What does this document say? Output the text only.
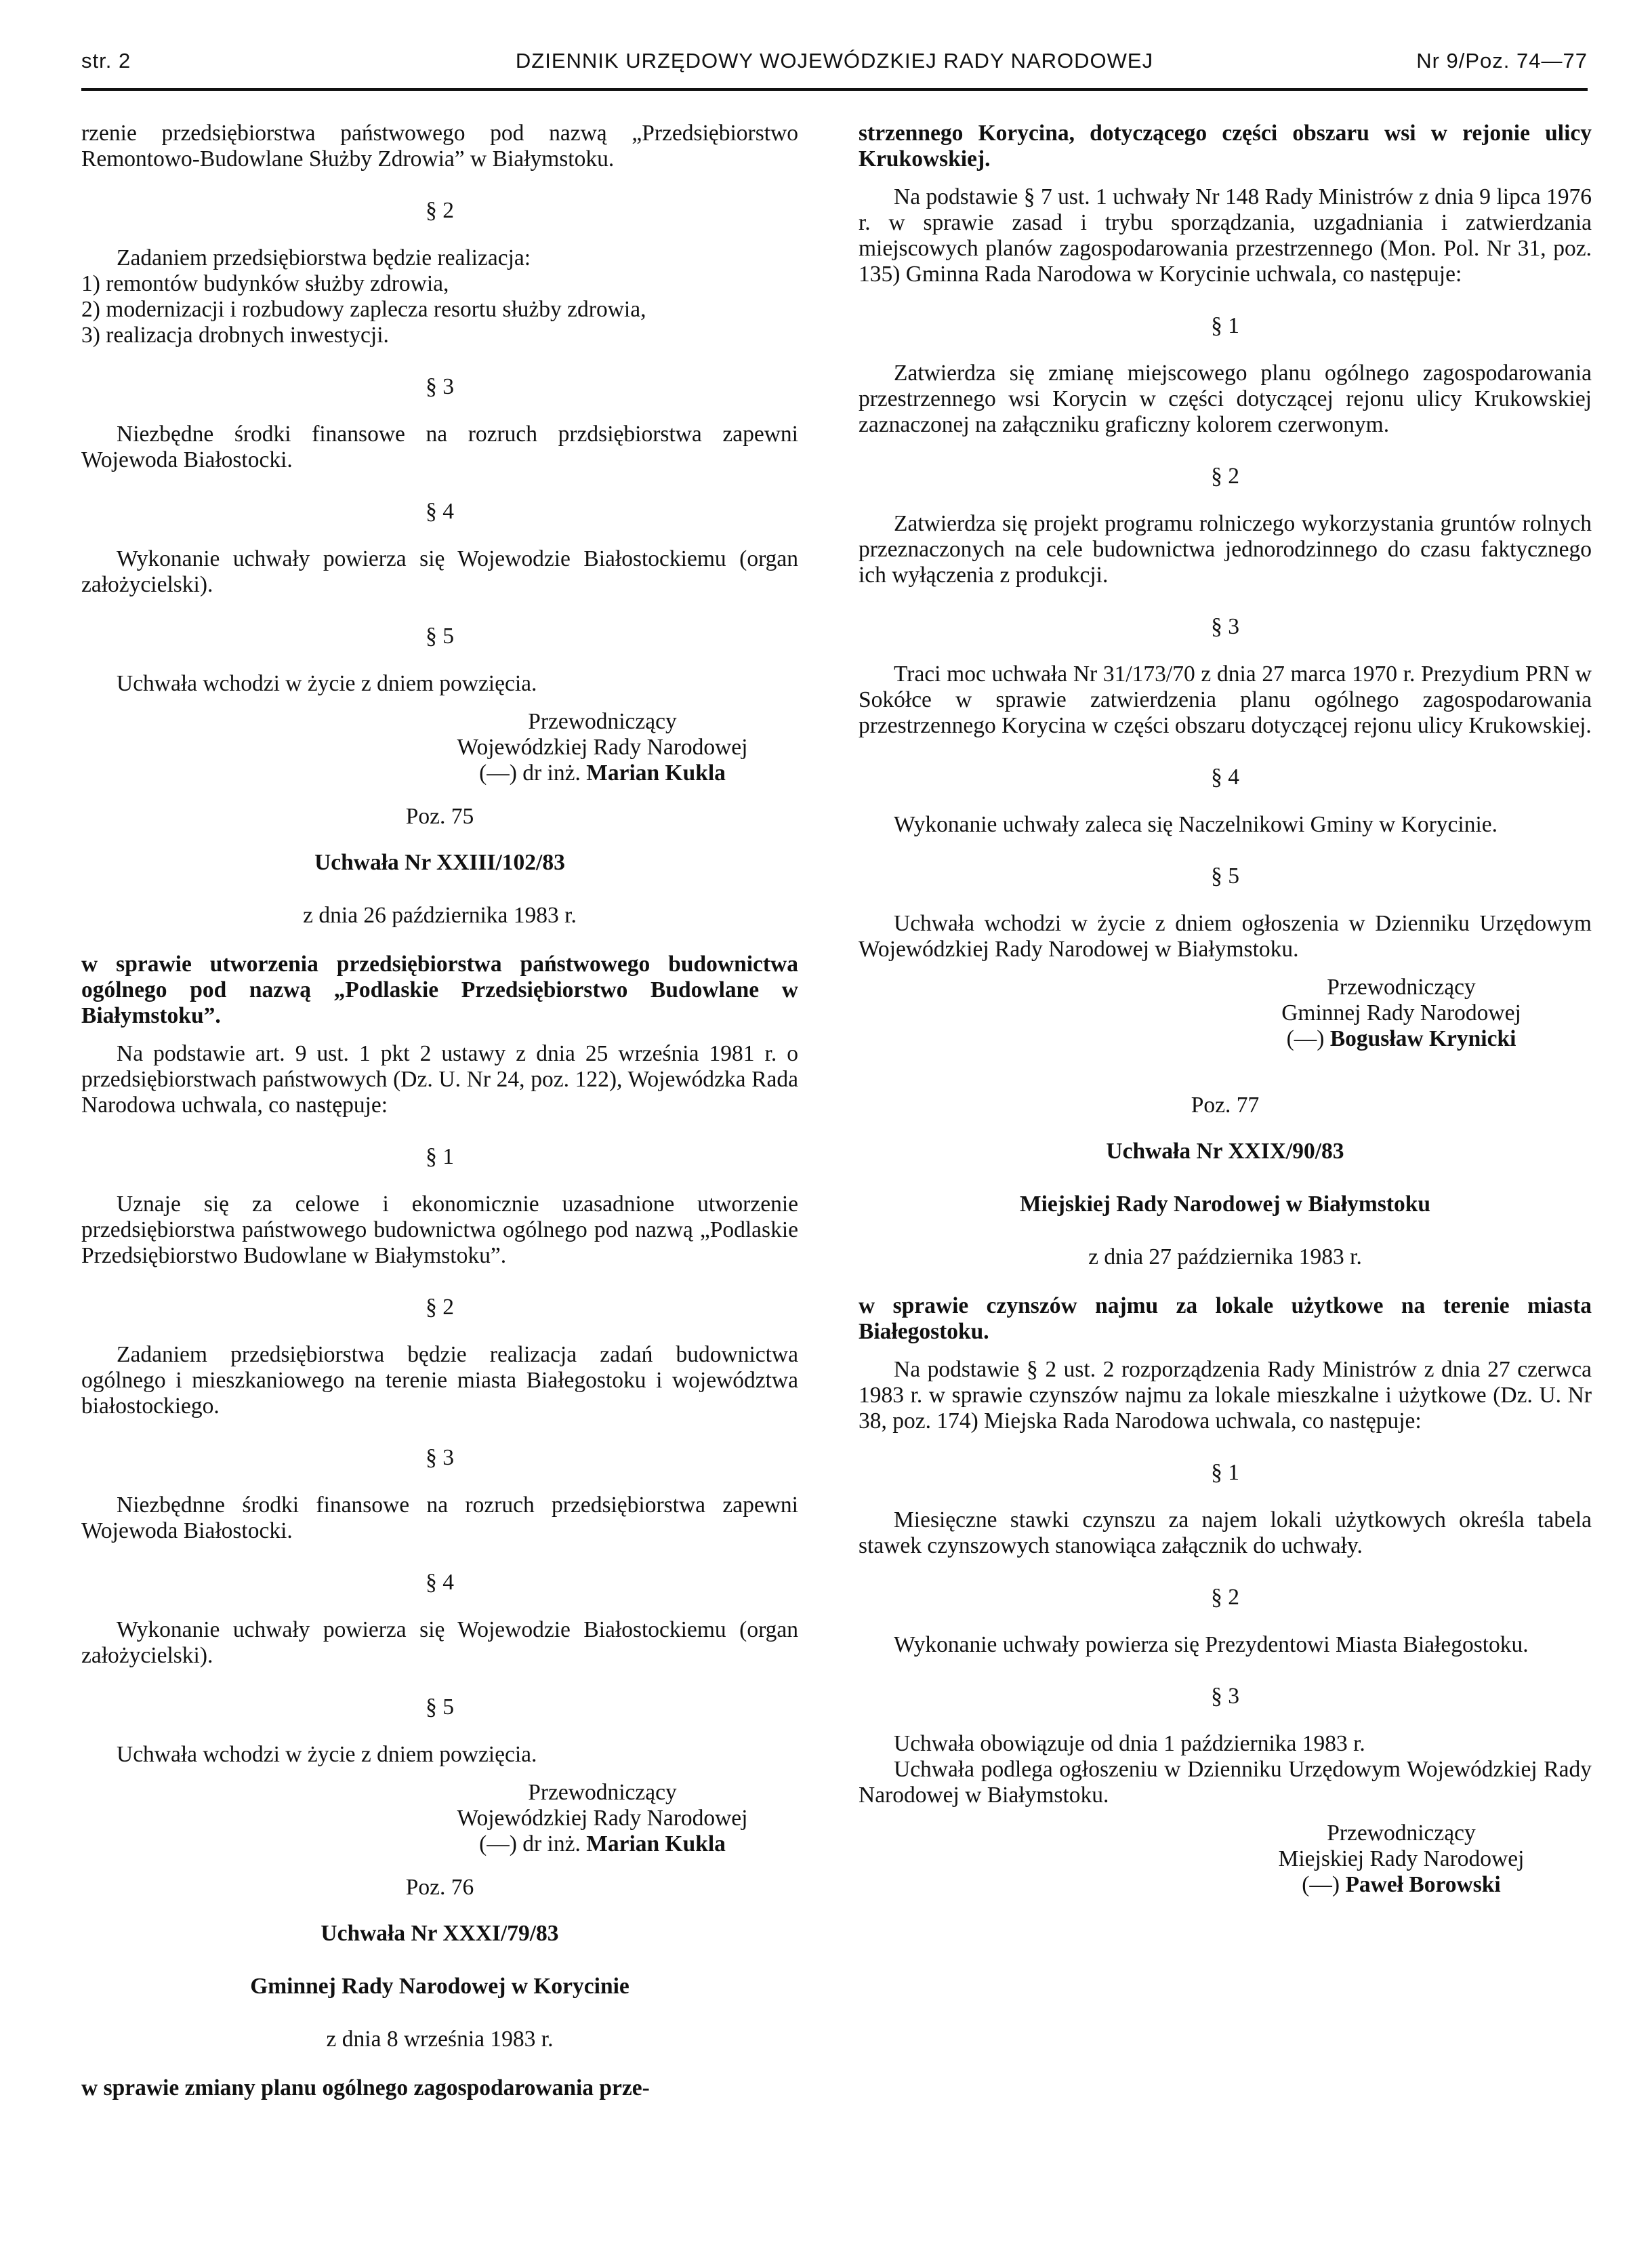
str. 2	DZIENNIK URZĘDOWY WOJEWÓDZKIEJ RADY NARODOWEJ	Nr 9/Poz. 74—77

rzenie przedsiębiorstwa państwowego pod nazwą „Przedsiębiorstwo Remontowo-Budowlane Służby Zdrowia” w Białymstoku.

§ 2

Zadaniem przedsiębiorstwa będzie realizacja:

1) remontów budynków służby zdrowia,
2) modernizacji i rozbudowy zaplecza resortu służby zdrowia,
3) realizacja drobnych inwestycji.
§ 3

Niezbędne środki finansowe na rozruch przdsiębiorstwa zapewni Wojewoda Białostocki.

§ 4

Wykonanie uchwały powierza się Wojewodzie Białostockiemu (organ założycielski).

§ 5

Uchwała wchodzi w życie z dniem powzięcia.

Przewodniczący
Wojewódzkiej Rady Narodowej
(—) dr inż. Marian Kukla
Poz. 75
Uchwała Nr XXIII/102/83
z dnia 26 października 1983 r.

w sprawie utworzenia przedsiębiorstwa państwowego budownictwa ogólnego pod nazwą „Podlaskie Przedsiębiorstwo Budowlane w Białymstoku”.

Na podstawie art. 9 ust. 1 pkt 2 ustawy z dnia 25 września 1981 r. o przedsiębiorstwach państwowych (Dz. U. Nr 24, poz. 122), Wojewódzka Rada Narodowa uchwala, co następuje:

§ 1

Uznaje się za celowe i ekonomicznie uzasadnione utworzenie przedsiębiorstwa państwowego budownictwa ogólnego pod nazwą „Podlaskie Przedsiębiorstwo Budowlane w Białymstoku”.

§ 2

Zadaniem przedsiębiorstwa będzie realizacja zadań budownictwa ogólnego i mieszkaniowego na terenie miasta Białegostoku i województwa białostockiego.

§ 3

Niezbędnne środki finansowe na rozruch przedsiębiorstwa zapewni Wojewoda Białostocki.

§ 4

Wykonanie uchwały powierza się Wojewodzie Białostockiemu (organ założycielski).

§ 5

Uchwała wchodzi w życie z dniem powzięcia.

Przewodniczący
Wojewódzkiej Rady Narodowej
(—) dr inż. Marian Kukla
Poz. 76
Uchwała Nr XXXI/79/83
Gminnej Rady Narodowej w Korycinie
z dnia 8 września 1983 r.

w sprawie zmiany planu ogólnego zagospodarowania prze-

strzennego Korycina, dotyczącego części obszaru wsi w rejonie ulicy Krukowskiej.

Na podstawie § 7 ust. 1 uchwały Nr 148 Rady Ministrów z dnia 9 lipca 1976 r. w sprawie zasad i trybu sporządzania, uzgadniania i zatwierdzania miejscowych planów zagospodarowania przestrzennego (Mon. Pol. Nr 31, poz. 135) Gminna Rada Narodowa w Korycinie uchwala, co następuje:

§ 1

Zatwierdza się zmianę miejscowego planu ogólnego zagospodarowania przestrzennego wsi Korycin w części dotyczącej rejonu ulicy Krukowskiej zaznaczonej na załączniku graficzny kolorem czerwonym.

§ 2

Zatwierdza się projekt programu rolniczego wykorzystania gruntów rolnych przeznaczonych na cele budownictwa jednorodzinnego do czasu faktycznego ich wyłączenia z produkcji.

§ 3

Traci moc uchwała Nr 31/173/70 z dnia 27 marca 1970 r. Prezydium PRN w Sokółce w sprawie zatwierdzenia planu ogólnego zagospodarowania przestrzennego Korycina w części obszaru dotyczącej rejonu ulicy Krukowskiej.

§ 4

Wykonanie uchwały zaleca się Naczelnikowi Gminy w Korycinie.

§ 5

Uchwała wchodzi w życie z dniem ogłoszenia w Dzienniku Urzędowym Wojewódzkiej Rady Narodowej w Białymstoku.

Przewodniczący
Gminnej Rady Narodowej
(—) Bogusław Krynicki
Poz. 77
Uchwała Nr XXIX/90/83
Miejskiej Rady Narodowej w Białymstoku
z dnia 27 października 1983 r.

w sprawie czynszów najmu za lokale użytkowe na terenie miasta Białegostoku.

Na podstawie § 2 ust. 2 rozporządzenia Rady Ministrów z dnia 27 czerwca 1983 r. w sprawie czynszów najmu za lokale mieszkalne i użytkowe (Dz. U. Nr 38, poz. 174) Miejska Rada Narodowa uchwala, co następuje:

§ 1

Miesięczne stawki czynszu za najem lokali użytkowych określa tabela stawek czynszowych stanowiąca załącznik do uchwały.

§ 2

Wykonanie uchwały powierza się Prezydentowi Miasta Białegostoku.

§ 3

Uchwała obowiązuje od dnia 1 października 1983 r.

Uchwała podlega ogłoszeniu w Dzienniku Urzędowym Wojewódzkiej Rady Narodowej w Białymstoku.

Przewodniczący
Miejskiej Rady Narodowej
(—) Paweł Borowski
